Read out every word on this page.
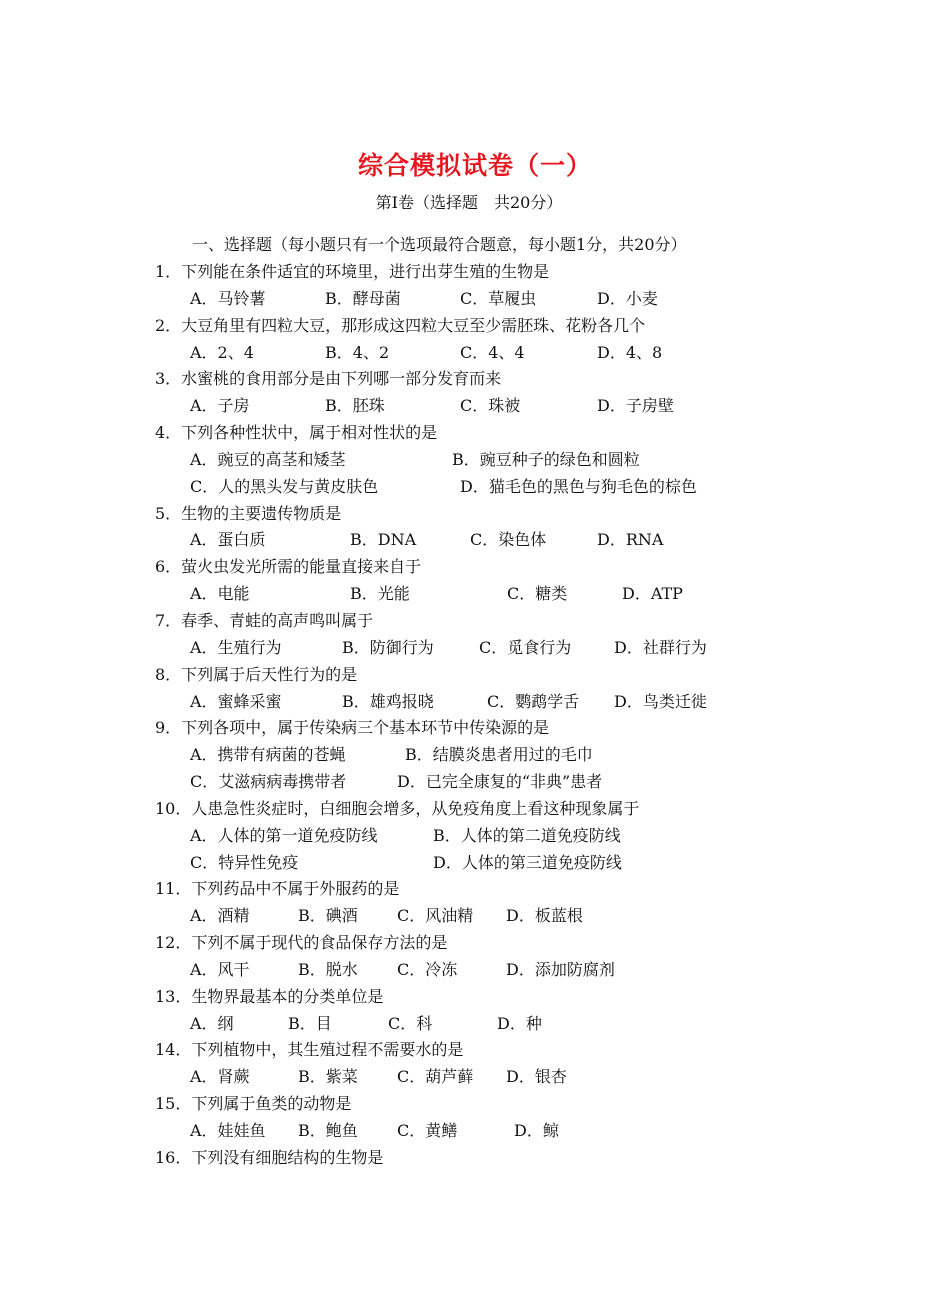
综合模拟试卷（一）
第Ⅰ卷（选择题　共20分）
一、选择题（每小题只有一个选项最符合题意，每小题1分，共20分）
1．下列能在条件适宜的环境里，进行出芽生殖的生物是
A．马铃薯	B．酵母菌	C．草履虫	D．小麦
2．大豆角里有四粒大豆，那形成这四粒大豆至少需胚珠、花粉各几个
A．2、4	B．4、2	C．4、4	D．4、8
3．水蜜桃的食用部分是由下列哪一部分发育而来
A．子房	B．胚珠	C．珠被	D．子房壁
4．下列各种性状中，属于相对性状的是
A．豌豆的高茎和矮茎	B．豌豆种子的绿色和圆粒
C．人的黑头发与黄皮肤色	D．猫毛色的黑色与狗毛色的棕色
5．生物的主要遗传物质是
A．蛋白质	B．DNA	C．染色体	D．RNA
6．萤火虫发光所需的能量直接来自于
A．电能	B．光能	C．糖类	D．ATP
7．春季、青蛙的高声鸣叫属于
A．生殖行为	B．防御行为	C．觅食行为	D．社群行为
8．下列属于后天性行为的是
A．蜜蜂采蜜	B．雄鸡报晓	C．鹦鹉学舌 D．鸟类迁徙
9．下列各项中，属于传染病三个基本环节中传染源的是
A．携带有病菌的苍蝇	B．结膜炎患者用过的毛巾
C．艾滋病病毒携带者	D．已完全康复的“非典”患者
10．人患急性炎症时，白细胞会增多，从免疫角度上看这种现象属于
A．人体的第一道免疫防线	B．人体的第二道免疫防线
C．特异性免疫	D．人体的第三道免疫防线
11．下列药品中不属于外服药的是
A．酒精	B．碘酒 C．风油精 D．板蓝根
12．下列不属于现代的食品保存方法的是
A．风干	B．脱水 C．冷冻	D．添加防腐剂
13．生物界最基本的分类单位是
A．纲	B．目	C．科	D．种
14．下列植物中，其生殖过程不需要水的是
A．肾蕨	B．紫菜 C．葫芦藓 D．银杏
15．下列属于鱼类的动物是
A．娃娃鱼 B．鲍鱼 C．黄鳝	D．鲸
16．下列没有细胞结构的生物是
